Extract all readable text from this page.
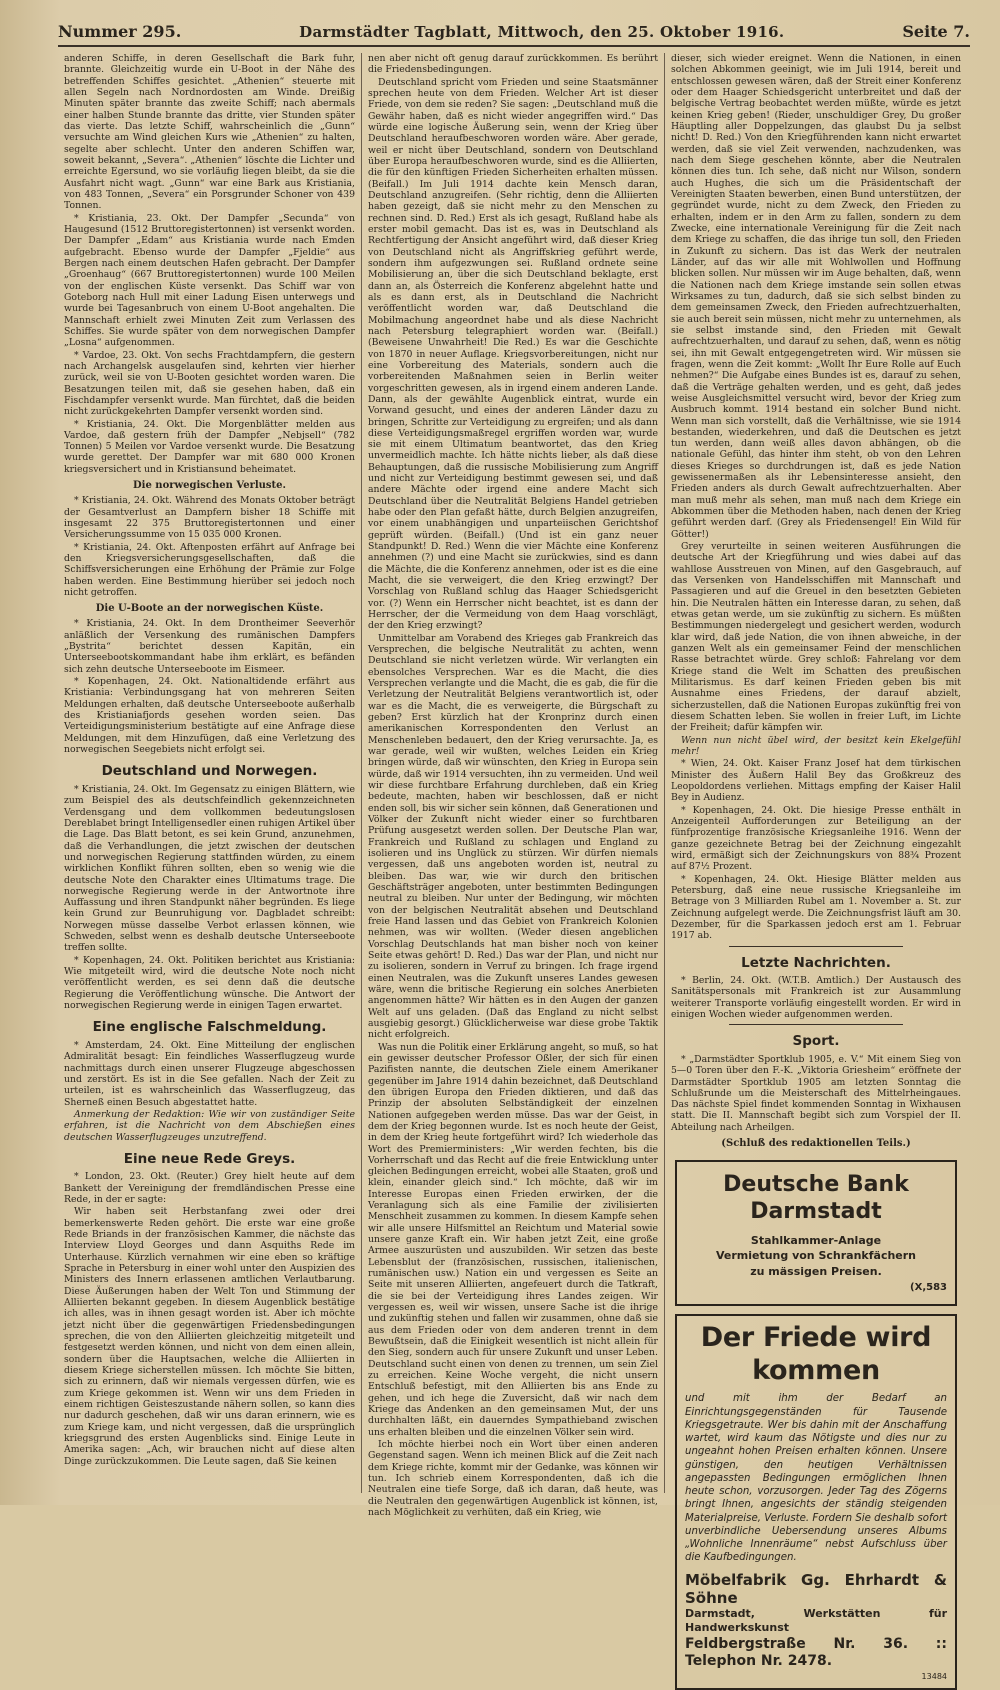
Nummer 295.	Darmstädter Tagblatt, Mittwoch, den 25. Oktober 1916.	Seite 7.

anderen Schiffe, in deren Gesellschaft die Bark fuhr, brannte. Gleichzeitig wurde ein U-Boot in der Nähe des betreffenden Schiffes gesichtet. „Athenien“ steuerte mit allen Segeln nach Nordnordosten am Winde. Dreißig Minuten später brannte das zweite Schiff; nach abermals einer halben Stunde brannte das dritte, vier Stunden später das vierte. Das letzte Schiff, wahrscheinlich die „Gunn“ versuchte am Wind gleichen Kurs wie „Athenien“ zu halten, segelte aber schlecht. Unter den anderen Schiffen war, soweit bekannt, „Severa“. „Athenien“ löschte die Lichter und erreichte Egersund, wo sie vorläufig liegen bleibt, da sie die Ausfahrt nicht wagt. „Gunn“ war eine Bark aus Kristiania, von 483 Tonnen, „Severa“ ein Porsgrunder Schoner von 439 Tonnen.

* Kristiania, 23. Okt. Der Dampfer „Secunda“ von Haugesund (1512 Bruttoregistertonnen) ist versenkt worden. Der Dampfer „Edam“ aus Kristiania wurde nach Emden aufgebracht. Ebenso wurde der Dampfer „Fjeldie“ aus Bergen nach einem deutschen Hafen gebracht. Der Dampfer „Groenhaug“ (667 Bruttoregistertonnen) wurde 100 Meilen von der englischen Küste versenkt. Das Schiff war von Goteborg nach Hull mit einer Ladung Eisen unterwegs und wurde bei Tagesanbruch von einem U-Boot angehalten. Die Mannschaft erhielt zwei Minuten Zeit zum Verlassen des Schiffes. Sie wurde später von dem norwegischen Dampfer „Losna“ aufgenommen.

* Vardoe, 23. Okt. Von sechs Frachtdampfern, die gestern nach Archangelsk ausgelaufen sind, kehrten vier hierher zurück, weil sie von U-Booten gesichtet worden waren. Die Besatzungen teilen mit, daß sie gesehen haben, daß ein Fischdampfer versenkt wurde. Man fürchtet, daß die beiden nicht zurückgekehrten Dampfer versenkt worden sind.

* Kristiania, 24. Okt. Die Morgenblätter melden aus Vardoe, daß gestern früh der Dampfer „Nebjsell“ (782 Tonnen) 5 Meilen vor Vardoe versenkt wurde. Die Besatzung wurde gerettet. Der Dampfer war mit 680 000 Kronen kriegsversichert und in Kristiansund beheimatet.

Die norwegischen Verluste.

* Kristiania, 24. Okt. Während des Monats Oktober beträgt der Gesamtverlust an Dampfern bisher 18 Schiffe mit insgesamt 22 375 Bruttoregistertonnen und einer Versicherungssumme von 15 035 000 Kronen.

* Kristiania, 24. Okt. Aftenposten erfährt auf Anfrage bei den Kriegsversicherungsgesellschaften, daß die Schiffsversicherungen eine Erhöhung der Prämie zur Folge haben werden. Eine Bestimmung hierüber sei jedoch noch nicht getroffen.

Die U-Boote an der norwegischen Küste.

* Kristiania, 24. Okt. In dem Drontheimer Seeverhör anläßlich der Versenkung des rumänischen Dampfers „Bystrita“ berichtet dessen Kapitän, ein Unterseebootskommandant habe ihm erklärt, es befänden sich zehn deutsche Unterseeboote im Eismeer.

* Kopenhagen, 24. Okt. Nationaltidende erfährt aus Kristiania: Verbindungsgang hat von mehreren Seiten Meldungen erhalten, daß deutsche Unterseeboote außerhalb des Kristianiafjords gesehen worden seien. Das Verteidigungsministerium bestätigte auf eine Anfrage diese Meldungen, mit dem Hinzufügen, daß eine Verletzung des norwegischen Seegebiets nicht erfolgt sei.

Deutschland und Norwegen.

* Kristiania, 24. Okt. Im Gegensatz zu einigen Blättern, wie zum Beispiel des als deutschfeindlich gekennzeichneten Verdensgang und dem vollkommen bedeutungslosen Dereblabet bringt Intelligensedler einen ruhigen Artikel über die Lage. Das Blatt betont, es sei kein Grund, anzunehmen, daß die Verhandlungen, die jetzt zwischen der deutschen und norwegischen Regierung stattfinden würden, zu einem wirklichen Konflikt führen sollten, eben so wenig wie die deutsche Note den Charakter eines Ultimatums trage. Die norwegische Regierung werde in der Antwortnote ihre Auffassung und ihren Standpunkt näher begründen. Es liege kein Grund zur Beunruhigung vor. Dagbladet schreibt: Norwegen müsse dasselbe Verbot erlassen können, wie Schweden, selbst wenn es deshalb deutsche Unterseeboote treffen sollte.

* Kopenhagen, 24. Okt. Politiken berichtet aus Kristiania: Wie mitgeteilt wird, wird die deutsche Note noch nicht veröffentlicht werden, es sei denn daß die deutsche Regierung die Veröffentlichung wünsche. Die Antwort der norwegischen Regierung werde in einigen Tagen erwartet.

Eine englische Falschmeldung.

* Amsterdam, 24. Okt. Eine Mitteilung der englischen Admiralität besagt: Ein feindliches Wasserflugzeug wurde nachmittags durch einen unserer Flugzeuge abgeschossen und zerstört. Es ist in die See gefallen. Nach der Zeit zu urteilen, ist es wahrscheinlich das Wasserflugzeug, das Sherneß einen Besuch abgestattet hatte.

Anmerkung der Redaktion: Wie wir von zuständiger Seite erfahren, ist die Nachricht von dem Abschießen eines deutschen Wasserflugzeuges unzutreffend.

Eine neue Rede Greys.

* London, 23. Okt. (Reuter.) Grey hielt heute auf dem Bankett der Vereinigung der fremdländischen Presse eine Rede, in der er sagte:

Wir haben seit Herbstanfang zwei oder drei bemerkenswerte Reden gehört. Die erste war eine große Rede Briands in der französischen Kammer, die nächste das Interview Lloyd Georges und dann Asquiths Rede im Unterhause. Kürzlich vernahmen wir eine eben so kräftige Sprache in Petersburg in einer wohl unter den Auspizien des Ministers des Innern erlassenen amtlichen Verlautbarung. Diese Äußerungen haben der Welt Ton und Stimmung der Alliierten bekannt gegeben. In diesem Augenblick bestätige ich alles, was in ihnen gesagt worden ist. Aber ich möchte jetzt nicht über die gegenwärtigen Friedensbedingungen sprechen, die von den Alliierten gleichzeitig mitgeteilt und festgesetzt werden können, und nicht von dem einen allein, sondern über die Hauptsachen, welche die Alliierten in diesem Kriege sicherstellen müssen. Ich möchte Sie bitten, sich zu erinnern, daß wir niemals vergessen dürfen, wie es zum Kriege gekommen ist. Wenn wir uns dem Frieden in einem richtigen Geisteszustande nähern sollen, so kann dies nur dadurch geschehen, daß wir uns daran erinnern, wie es zum Kriege kam, und nicht vergessen, daß die ursprünglich kriegsgrund des ersten Augenblicks sind. Einige Leute in Amerika sagen: „Ach, wir brauchen nicht auf diese alten Dinge zurückzukommen. Die Leute sagen, daß Sie keinen

nen aber nicht oft genug darauf zurückkommen. Es berührt die Friedensbedingungen.

Deutschland spricht vom Frieden und seine Staatsmänner sprechen heute von dem Frieden. Welcher Art ist dieser Friede, von dem sie reden? Sie sagen: „Deutschland muß die Gewähr haben, daß es nicht wieder angegriffen wird.“ Das würde eine logische Äußerung sein, wenn der Krieg über Deutschland heraufbeschworen worden wäre. Aber gerade, weil er nicht über Deutschland, sondern von Deutschland über Europa heraufbeschworen wurde, sind es die Alliierten, die für den künftigen Frieden Sicherheiten erhalten müssen. (Beifall.) Im Juli 1914 dachte kein Mensch daran, Deutschland anzugreifen. (Sehr richtig, denn die Alliierten haben gezeigt, daß sie nicht mehr zu den Menschen zu rechnen sind. D. Red.) Erst als ich gesagt, Rußland habe als erster mobil gemacht. Das ist es, was in Deutschland als Rechtfertigung der Ansicht angeführt wird, daß dieser Krieg von Deutschland nicht als Angriffskrieg geführt werde, sondern ihm aufgezwungen sei. Rußland ordnete seine Mobilisierung an, über die sich Deutschland beklagte, erst dann an, als Österreich die Konferenz abgelehnt hatte und als es dann erst, als in Deutschland die Nachricht veröffentlicht worden war, daß Deutschland die Mobilmachung angeordnet habe und als diese Nachricht nach Petersburg telegraphiert worden war. (Beifall.) (Beweisene Unwahrheit! Die Red.) Es war die Geschichte von 1870 in neuer Auflage. Kriegsvorbereitungen, nicht nur eine Vorbereitung des Materials, sondern auch die vorbereitenden Maßnahmen seien in Berlin weiter vorgeschritten gewesen, als in irgend einem anderen Lande. Dann, als der gewählte Augenblick eintrat, wurde ein Vorwand gesucht, und eines der anderen Länder dazu zu bringen, Schritte zur Verteidigung zu ergreifen; und als dann diese Verteidigungsmaßregel ergriffen worden war, wurde sie mit einem Ultimatum beantwortet, das den Krieg unvermeidlich machte. Ich hätte nichts lieber, als daß diese Behauptungen, daß die russische Mobilisierung zum Angriff und nicht zur Verteidigung bestimmt gewesen sei, und daß andere Mächte oder irgend eine andere Macht sich Deutschland über die Neutralität Belgiens Handel getrieben habe oder den Plan gefaßt hätte, durch Belgien anzugreifen, vor einem unabhängigen und unparteiischen Gerichtshof geprüft würden. (Beifall.) (Und ist ein ganz neuer Standpunkt! D. Red.) Wenn die vier Mächte eine Konferenz annehmen (?) und eine Macht sie zurückwies, sind es dann die Mächte, die die Konferenz annehmen, oder ist es die eine Macht, die sie verweigert, die den Krieg erzwingt? Der Vorschlag von Rußland schlug das Haager Schiedsgericht vor. (?) Wenn ein Herrscher nicht beachtet, ist es dann der Herrscher, der die Vermeidung von dem Haag vorschlägt, der den Krieg erzwingt?

Unmittelbar am Vorabend des Krieges gab Frankreich das Versprechen, die belgische Neutralität zu achten, wenn Deutschland sie nicht verletzen würde. Wir verlangten ein ebensolches Versprechen. War es die Macht, die dies Versprechen verlangte und die Macht, die es gab, die für die Verletzung der Neutralität Belgiens verantwortlich ist, oder war es die Macht, die es verweigerte, die Bürgschaft zu geben? Erst kürzlich hat der Kronprinz durch einen amerikanischen Korrespondenten den Verlust an Menschenleben bedauert, den der Krieg verursachte. Ja, es war gerade, weil wir wußten, welches Leiden ein Krieg bringen würde, daß wir wünschten, den Krieg in Europa sein würde, daß wir 1914 versuchten, ihn zu vermeiden. Und weil wir diese furchtbare Erfahrung durchleben, daß ein Krieg bedeute, machten, haben wir beschlossen, daß er nicht enden soll, bis wir sicher sein können, daß Generationen und Völker der Zukunft nicht wieder einer so furchtbaren Prüfung ausgesetzt werden sollen. Der Deutsche Plan war, Frankreich und Rußland zu schlagen und England zu isolieren und ins Unglück zu stürzen. Wir dürfen niemals vergessen, daß uns angeboten worden ist, neutral zu bleiben. Das war, wie wir durch den britischen Geschäftsträger angeboten, unter bestimmten Bedingungen neutral zu bleiben. Nur unter der Bedingung, wir möchten von der belgischen Neutralität absehen und Deutschland freie Hand lassen und das Gebiet von Frankreich Kolonien nehmen, was wir wollten. (Weder diesen angeblichen Vorschlag Deutschlands hat man bisher noch von keiner Seite etwas gehört! D. Red.) Das war der Plan, und nicht nur zu isolieren, sondern in Verruf zu bringen. Ich frage irgend einen Neutralen, was die Zukunft unseres Landes gewesen wäre, wenn die britische Regierung ein solches Anerbieten angenommen hätte? Wir hätten es in den Augen der ganzen Welt auf uns geladen. (Daß das England zu nicht selbst ausgiebig gesorgt.) Glücklicherweise war diese grobe Taktik nicht erfolgreich.

Was nun die Politik einer Erklärung angeht, so muß, so hat ein gewisser deutscher Professor Oßler, der sich für einen Pazifisten nannte, die deutschen Ziele einem Amerikaner gegenüber im Jahre 1914 dahin bezeichnet, daß Deutschland den übrigen Europa den Frieden diktieren, und daß das Prinzip der absoluten Selbständigkeit der einzelnen Nationen aufgegeben werden müsse. Das war der Geist, in dem der Krieg begonnen wurde. Ist es noch heute der Geist, in dem der Krieg heute fortgeführt wird? Ich wiederhole das Wort des Premierministers: „Wir werden fechten, bis die Vorherrschaft und das Recht auf die freie Entwicklung unter gleichen Bedingungen erreicht, wobei alle Staaten, groß und klein, einander gleich sind.“ Ich möchte, daß wir im Interesse Europas einen Frieden erwirken, der die Veranlagung sich als eine Familie der zivilisierten Menschheit zusammen zu kommen. In diesem Kampfe sehen wir alle unsere Hilfsmittel an Reichtum und Material sowie unsere ganze Kraft ein. Wir haben jetzt Zeit, eine große Armee auszurüsten und auszubilden. Wir setzen das beste Lebensblut der (französischen, russischen, italienischen, rumänischen usw.) Nation ein und vergessen es Seite an Seite mit unseren Alliierten, angefeuert durch die Tatkraft, die sie bei der Verteidigung ihres Landes zeigen. Wir vergessen es, weil wir wissen, unsere Sache ist die ihrige und zukünftig stehen und fallen wir zusammen, ohne daß sie aus dem Frieden oder von dem anderen trennt in dem Bewußtsein, daß die Einigkeit wesentlich ist nicht allein für den Sieg, sondern auch für unsere Zukunft und unser Leben. Deutschland sucht einen von denen zu trennen, um sein Ziel zu erreichen. Keine Woche vergeht, die nicht unsern Entschluß befestigt, mit den Alliierten bis ans Ende zu gehen, und ich hege die Zuversicht, daß wir nach dem Kriege das Andenken an den gemeinsamen Mut, der uns durchhalten läßt, ein dauerndes Sympathieband zwischen uns erhalten bleiben und die einzelnen Völker sein wird.

Ich möchte hierbei noch ein Wort über einen anderen Gegenstand sagen. Wenn ich meinen Blick auf die Zeit nach dem Kriege richte, kommt mir der Gedanke, was können wir tun. Ich schrieb einem Korrespondenten, daß ich die Neutralen eine tiefe Sorge, daß ich daran, daß heute, was die Neutralen den gegenwärtigen Augenblick ist können, ist, nach Möglichkeit zu verhüten, daß ein Krieg, wie

dieser, sich wieder ereignet. Wenn die Nationen, in einen solchen Abkommen geeinigt, wie im Juli 1914, bereit und entschlossen gewesen wären, daß der Streit einer Konferenz oder dem Haager Schiedsgericht unterbreitet und daß der belgische Vertrag beobachtet werden müßte, würde es jetzt keinen Krieg geben! (Rieder, unschuldiger Grey, Du großer Häuptling aller Doppelzungen, das glaubst Du ja selbst nicht! D. Red.) Von den Kriegführenden kann nicht erwartet werden, daß sie viel Zeit verwenden, nachzudenken, was nach dem Siege geschehen könnte, aber die Neutralen können dies tun. Ich sehe, daß nicht nur Wilson, sondern auch Hughes, die sich um die Präsidentschaft der Vereinigten Staaten bewerben, einen Bund unterstützen, der gegründet wurde, nicht zu dem Zweck, den Frieden zu erhalten, indem er in den Arm zu fallen, sondern zu dem Zwecke, eine internationale Vereinigung für die Zeit nach dem Kriege zu schaffen, die das ihrige tun soll, den Frieden in Zukunft zu sichern. Das ist das Werk der neutralen Länder, auf das wir alle mit Wohlwollen und Hoffnung blicken sollen. Nur müssen wir im Auge behalten, daß, wenn die Nationen nach dem Kriege imstande sein sollen etwas Wirksames zu tun, dadurch, daß sie sich selbst binden zu dem gemeinsamen Zweck, den Frieden aufrechtzuerhalten, sie auch bereit sein müssen, nicht mehr zu unternehmen, als sie selbst imstande sind, den Frieden mit Gewalt aufrechtzuerhalten, und darauf zu sehen, daß, wenn es nötig sei, ihn mit Gewalt entgegengetreten wird. Wir müssen sie fragen, wenn die Zeit kommt: „Wollt Ihr Eure Rolle auf Euch nehmen?“ Die Aufgabe eines Bundes ist es, darauf zu sehen, daß die Verträge gehalten werden, und es geht, daß jedes weise Ausgleichsmittel versucht wird, bevor der Krieg zum Ausbruch kommt. 1914 bestand ein solcher Bund nicht. Wenn man sich vorstellt, daß die Verhältnisse, wie sie 1914 bestanden, wiederkehren, und daß die Deutschen es jetzt tun werden, dann weiß alles davon abhängen, ob die nationale Gefühl, das hinter ihm steht, ob von den Lehren dieses Krieges so durchdrungen ist, daß es jede Nation gewissenermaßen als ihr Lebensinteresse ansieht, den Frieden anders als durch Gewalt aufrechtzuerhalten. Aber man muß mehr als sehen, man muß nach dem Kriege ein Abkommen über die Methoden haben, nach denen der Krieg geführt werden darf. (Grey als Friedensengel! Ein Wild für Götter!)

Grey verurteilte in seinen weiteren Ausführungen die deutsche Art der Kriegführung und wies dabei auf das wahllose Ausstreuen von Minen, auf den Gasgebrauch, auf das Versenken von Handelsschiffen mit Mannschaft und Passagieren und auf die Greuel in den besetzten Gebieten hin. Die Neutralen hätten ein Interesse daran, zu sehen, daß etwas getan werde, um sie zukünftig zu sichern. Es müßten Bestimmungen niedergelegt und gesichert werden, wodurch klar wird, daß jede Nation, die von ihnen abweiche, in der ganzen Welt als ein gemeinsamer Feind der menschlichen Rasse betrachtet würde. Grey schloß: Fahrelang vor dem Kriege stand die Welt im Schatten des preußischen Militarismus. Es darf keinen Frieden geben bis mit Ausnahme eines Friedens, der darauf abzielt, sicherzustellen, daß die Nationen Europas zukünftig frei von diesem Schatten leben. Sie wollen in freier Luft, im Lichte der Freiheit; dafür kämpfen wir.

Wenn nun nicht übel wird, der besitzt kein Ekelgefühl mehr!

* Wien, 24. Okt. Kaiser Franz Josef hat dem türkischen Minister des Äußern Halil Bey das Großkreuz des Leopoldordens verliehen. Mittags empfing der Kaiser Halil Bey in Audienz.

* Kopenhagen, 24. Okt. Die hiesige Presse enthält in Anzeigenteil Aufforderungen zur Beteiligung an der fünfprozentige französische Kriegsanleihe 1916. Wenn der ganze gezeichnete Betrag bei der Zeichnung eingezahlt wird, ermäßigt sich der Zeichnungskurs von 88¾ Prozent auf 87½ Prozent.

* Kopenhagen, 24. Okt. Hiesige Blätter melden aus Petersburg, daß eine neue russische Kriegsanleihe im Betrage von 3 Milliarden Rubel am 1. November a. St. zur Zeichnung aufgelegt werde. Die Zeichnungsfrist läuft am 30. Dezember, für die Sparkassen jedoch erst am 1. Februar 1917 ab.

Letzte Nachrichten.

* Berlin, 24. Okt. (W.T.B. Amtlich.) Der Austausch des Sanitätspersonals mit Frankreich ist zur Ausammlung weiterer Transporte vorläufig eingestellt worden. Er wird in einigen Wochen wieder aufgenommen werden.

Sport.

* „Darmstädter Sportklub 1905, e. V.“ Mit einem Sieg von 5—0 Toren über den F.-K. „Viktoria Griesheim“ eröffnete der Darmstädter Sportklub 1905 am letzten Sonntag die Schlußrunde um die Meisterschaft des Mittelrheingaues. Das nächste Spiel findet kommenden Sonntag in Wixhausen statt. Die II. Mannschaft begibt sich zum Vorspiel der II. Abteilung nach Arheilgen.

(Schluß des redaktionellen Teils.)
Deutsche Bank Darmstadt
Stahlkammer-Anlage
Vermietung von Schrankfächern
zu mässigen Preisen.
(X,583
Der Friede wird kommen
und mit ihm der Bedarf an Einrichtungsgegenständen für Tausende Kriegsgetraute. Wer bis dahin mit der Anschaffung wartet, wird kaum das Nötigste und dies nur zu ungeahnt hohen Preisen erhalten können. Unsere günstigen, den heutigen Verhältnissen angepassten Bedingungen ermöglichen Ihnen heute schon, vorzusorgen. Jeder Tag des Zögerns bringt Ihnen, angesichts der ständig steigenden Materialpreise, Verluste. Fordern Sie deshalb sofort unverbindliche Uebersendung unseres Albums „Wohnliche Innenräume“ nebst Aufschluss über die Kaufbedingungen.
Möbelfabrik Gg. Ehrhardt & Söhne
Darmstadt, Werkstätten für Handwerkskunst
Feldbergstraße Nr. 36. :: Telephon Nr. 2478.
13484
